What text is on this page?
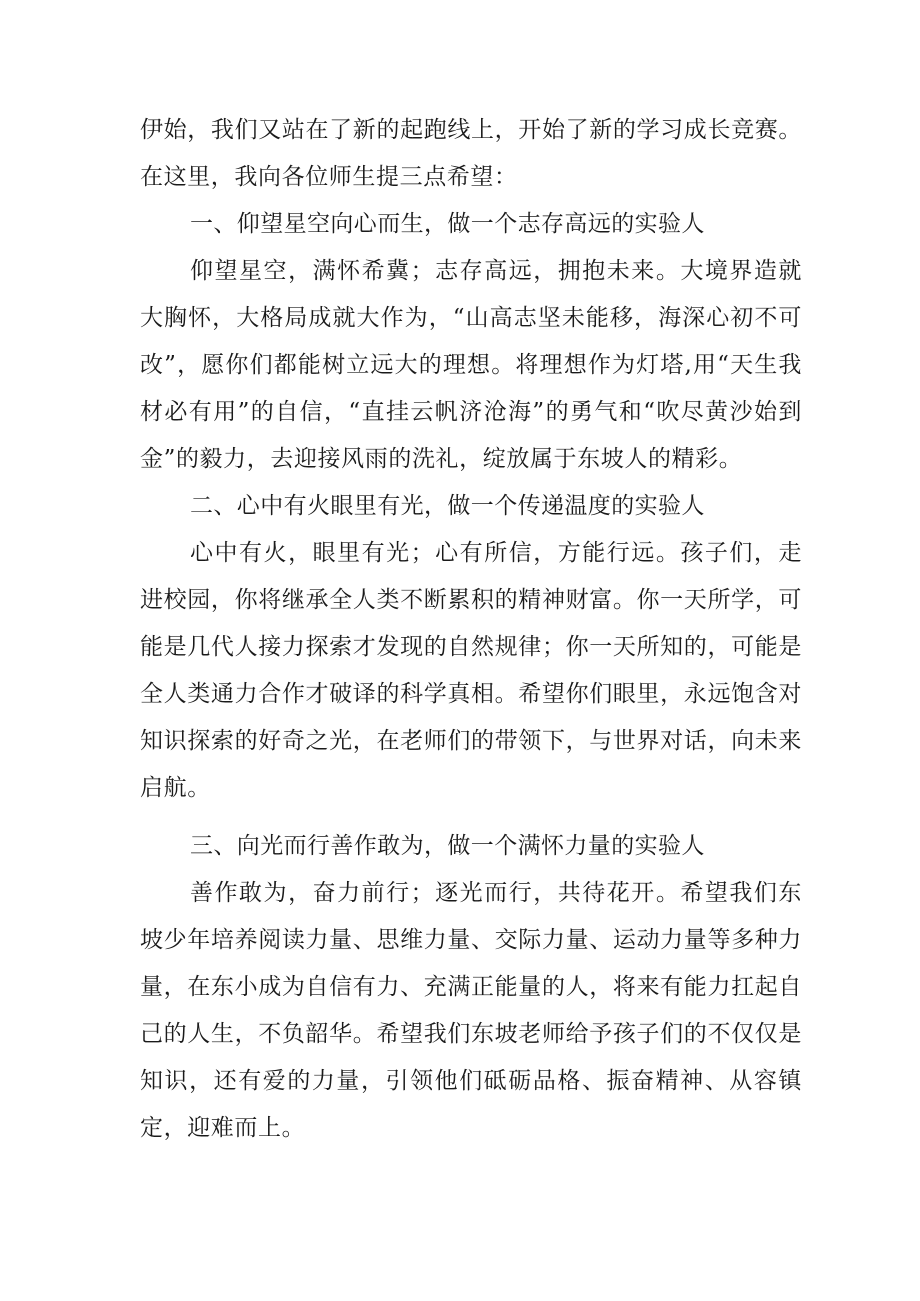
伊始，我们又站在了新的起跑线上，开始了新的学习成长竞赛。在这里，我向各位师生提三点希望：

一、仰望星空向心而生，做一个志存高远的实验人

仰望星空，满怀希冀；志存高远，拥抱未来。大境界造就大胸怀，大格局成就大作为，“山高志坚未能移，海深心初不可改”，愿你们都能树立远大的理想。将理想作为灯塔,用“天生我材必有用”的自信，“直挂云帆济沧海”的勇气和“吹尽黄沙始到金”的毅力，去迎接风雨的洗礼，绽放属于东坡人的精彩。

二、心中有火眼里有光，做一个传递温度的实验人

心中有火，眼里有光；心有所信，方能行远。孩子们，走进校园，你将继承全人类不断累积的精神财富。你一天所学，可能是几代人接力探索才发现的自然规律；你一天所知的，可能是全人类通力合作才破译的科学真相。希望你们眼里，永远饱含对知识探索的好奇之光，在老师们的带领下，与世界对话，向未来启航。

三、向光而行善作敢为，做一个满怀力量的实验人

善作敢为，奋力前行；逐光而行，共待花开。希望我们东坡少年培养阅读力量、思维力量、交际力量、运动力量等多种力量，在东小成为自信有力、充满正能量的人，将来有能力扛起自己的人生，不负韶华。希望我们东坡老师给予孩子们的不仅仅是知识，还有爱的力量，引领他们砥砺品格、振奋精神、从容镇定，迎难而上。
